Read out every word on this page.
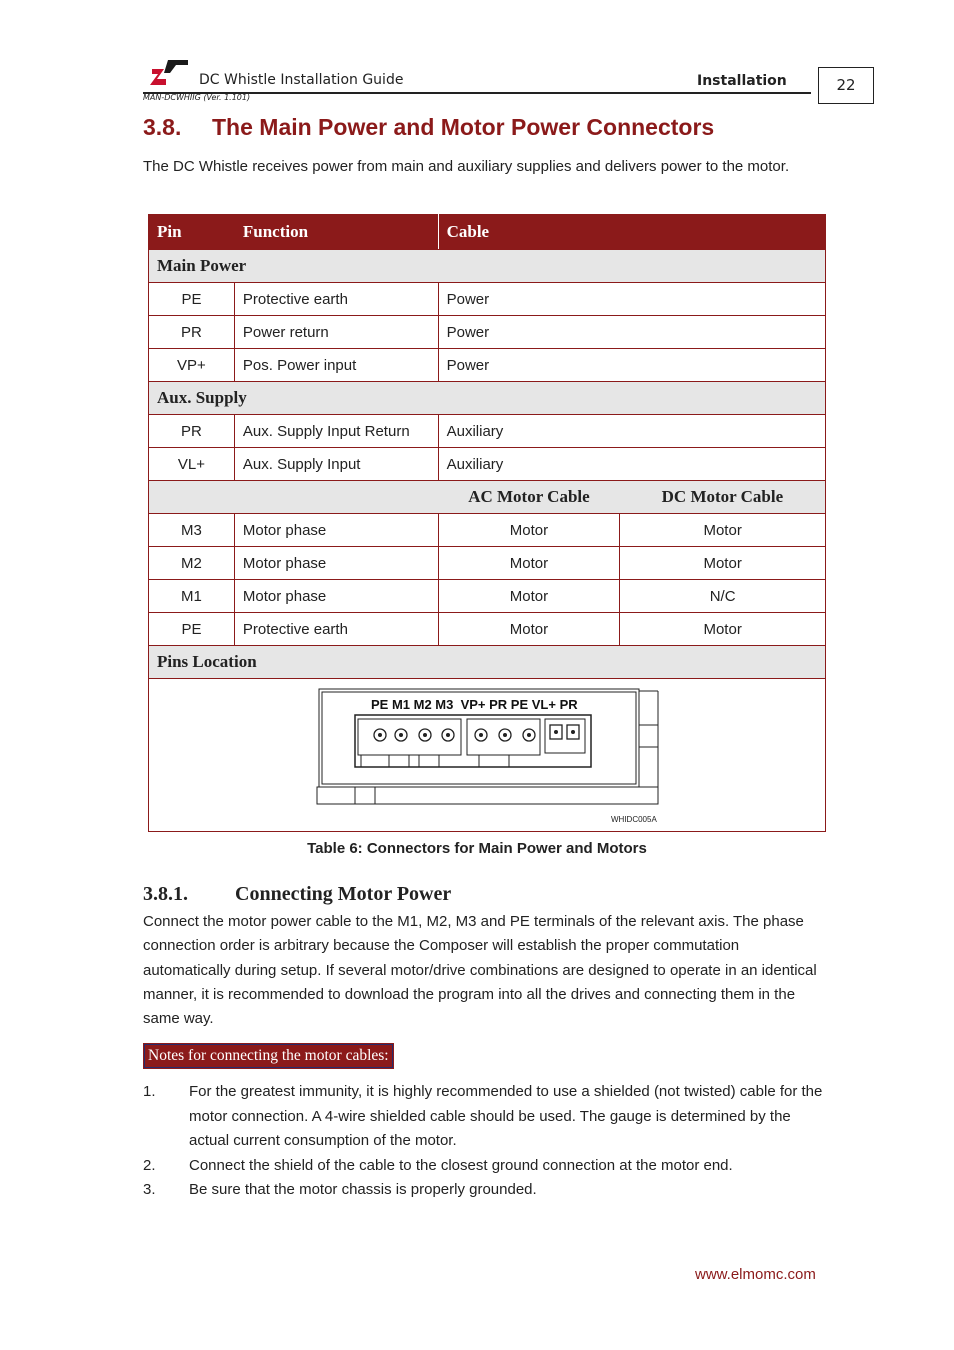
DC Whistle Installation Guide	Installation
MAN-DCWHIIG (Ver. 1.101)
22
3.8. The Main Power and Motor Power Connectors
The DC Whistle receives power from main and auxiliary supplies and delivers power to the motor.
Pin	Function	Cable	
Main Power			
PE	Protective earth	Power	
PR	Power return	Power	
VP+	Pos. Power input	Power	
Aux. Supply			
PR	Aux. Supply Input Return	Auxiliary	
VL+	Aux. Supply Input	Auxiliary	
		AC Motor Cable	DC Motor Cable
M3	Motor phase	Motor	Motor
M2	Motor phase	Motor	Motor
M1	Motor phase	Motor	N/C
PE	Protective earth	Motor	Motor
Pins Location			

PE M1 M2 M3  VP+ PR PE VL+ PR
WHIDC005A			
Table 6: Connectors for Main Power and Motors
3.8.1. Connecting Motor Power
Connect the motor power cable to the M1, M2, M3 and PE terminals of the relevant axis. The phase connection order is arbitrary because the Composer will establish the proper commutation automatically during setup. If several motor/drive combinations are designed to operate in an identical manner, it is recommended to download the program into all the drives and connecting them in the same way.
Notes for connecting the motor cables:
1.	For the greatest immunity, it is highly recommended to use a shielded (not twisted) cable for the motor connection. A 4-wire shielded cable should be used. The gauge is determined by the actual current consumption of the motor.
2.	Connect the shield of the cable to the closest ground connection at the motor end.
3.	Be sure that the motor chassis is properly grounded.
www.elmomc.com
